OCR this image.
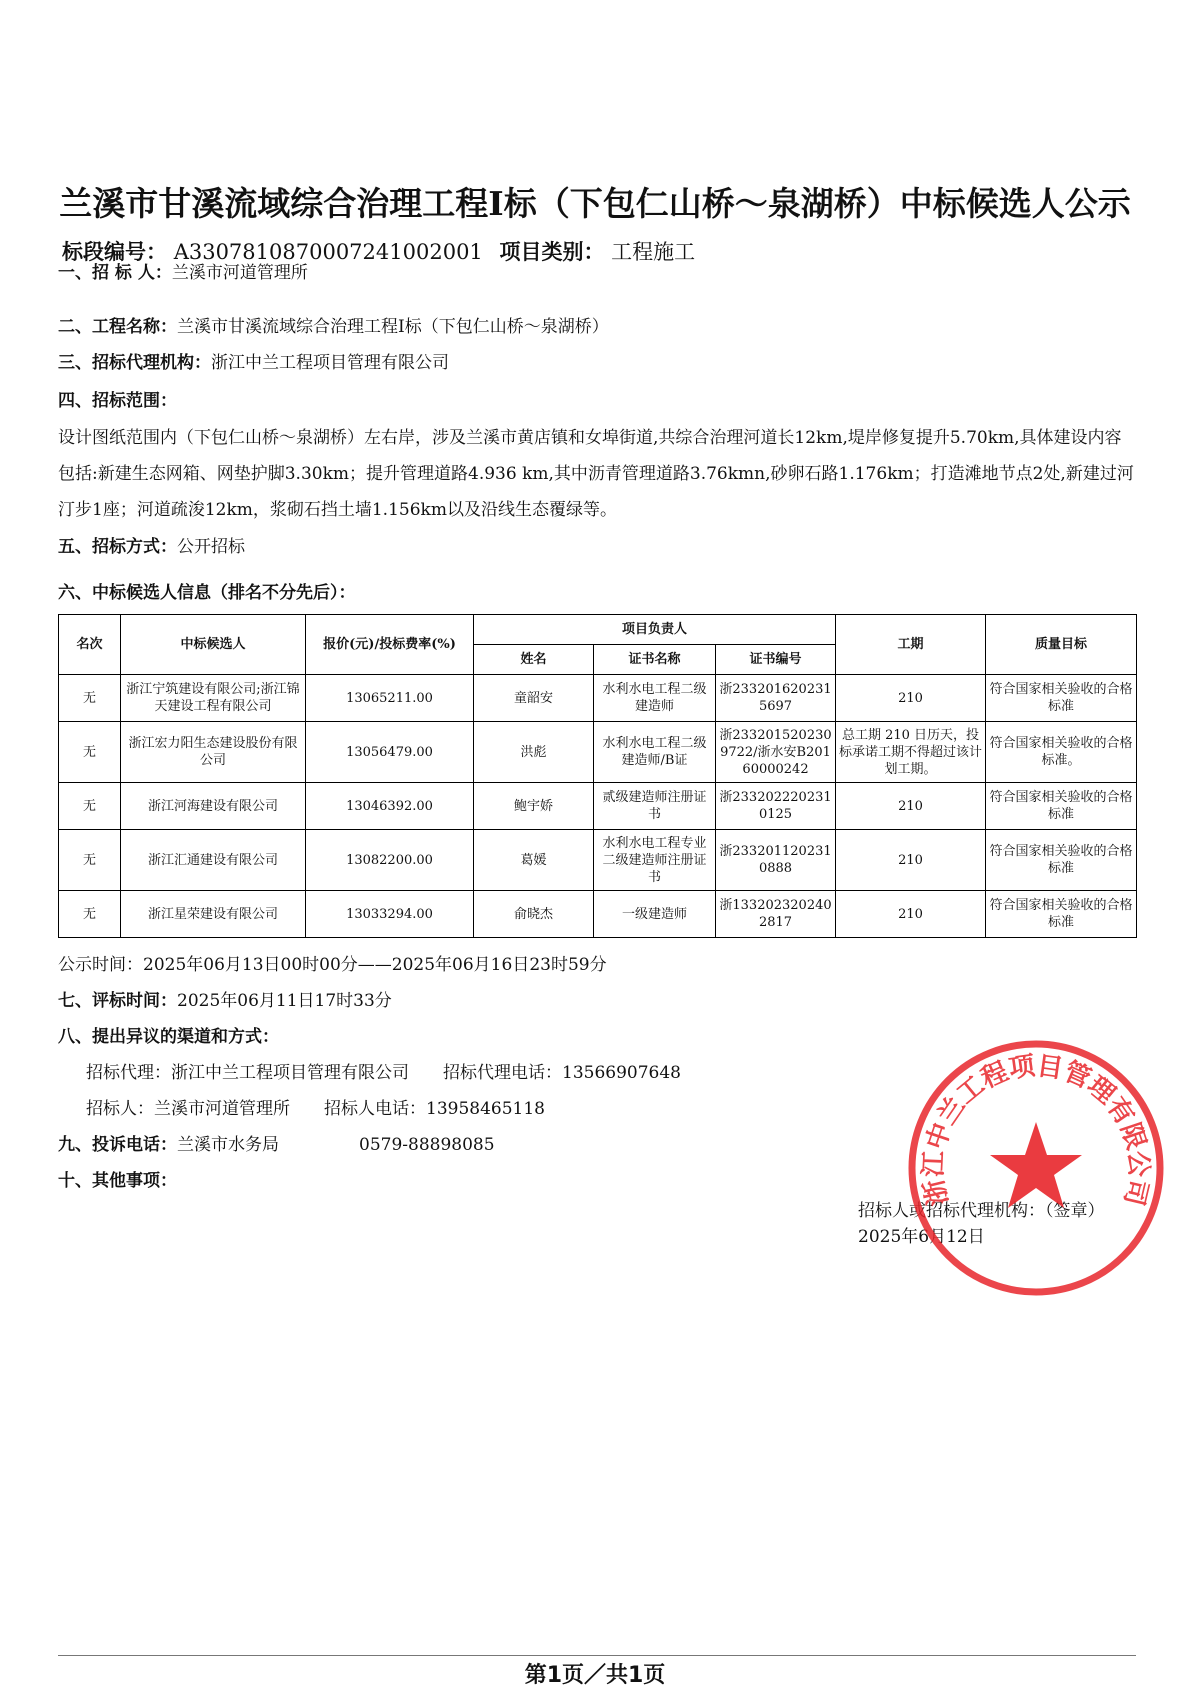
兰溪市甘溪流域综合治理工程I标（下包仁山桥～泉湖桥）中标候选人公示
标段编号： A3307810870007241002001 项目类别： 工程施工
一、招 标 人：兰溪市河道管理所
二、工程名称：兰溪市甘溪流域综合治理工程I标（下包仁山桥～泉湖桥）
三、招标代理机构：浙江中兰工程项目管理有限公司
四、招标范围：

设计图纸范围内（下包仁山桥～泉湖桥）左右岸，涉及兰溪市黄店镇和女埠街道,共综合治理河道长12km,堤岸修复提升5.70km,具体建设内容包括:新建生态网箱、网垫护脚3.30km；提升管理道路4.936 km,其中沥青管理道路3.76kmn,砂卵石路1.176km；打造滩地节点2处,新建过河汀步1座；河道疏浚12km，浆砌石挡土墙1.156km以及沿线生态覆绿等。

五、招标方式：公开招标
六、中标候选人信息（排名不分先后）：
名次	中标候选人	报价(元)/投标费率(%)	项目负责人			工期	质量目标
			姓名	证书名称	证书编号		
无	浙江宁筑建设有限公司;浙江锦天建设工程有限公司	13065211.00	童韶安	水利水电工程二级建造师	浙2332016202315697	210	符合国家相关验收的合格标准
无	浙江宏力阳生态建设股份有限公司	13056479.00	洪彪	水利水电工程二级建造师/B证	浙2332015202309722/浙水安B20160000242	总工期 210 日历天，投标承诺工期不得超过该计划工期。	符合国家相关验收的合格标准。
无	浙江河海建设有限公司	13046392.00	鲍宇娇	贰级建造师注册证书	浙2332022202310125	210	符合国家相关验收的合格标准
无	浙江汇通建设有限公司	13082200.00	葛媛	水利水电工程专业二级建造师注册证书	浙2332011202310888	210	符合国家相关验收的合格标准
无	浙江星荣建设有限公司	13033294.00	俞晓杰	一级建造师	浙1332023202402817	210	符合国家相关验收的合格标准
公示时间：2025年06月13日00时00分——2025年06月16日23时59分
七、评标时间：2025年06月11日17时33分
八、提出异议的渠道和方式：
招标代理：浙江中兰工程项目管理有限公司 招标代理电话：13566907648
招标人：兰溪市河道管理所 招标人电话：13958465118
九、投诉电话：兰溪市水务局	0579-88898085
十、其他事项：
招标人或招标代理机构：（签章）
2025年6月12日
浙江中兰工程项目管理有限公司
第1页／共1页
